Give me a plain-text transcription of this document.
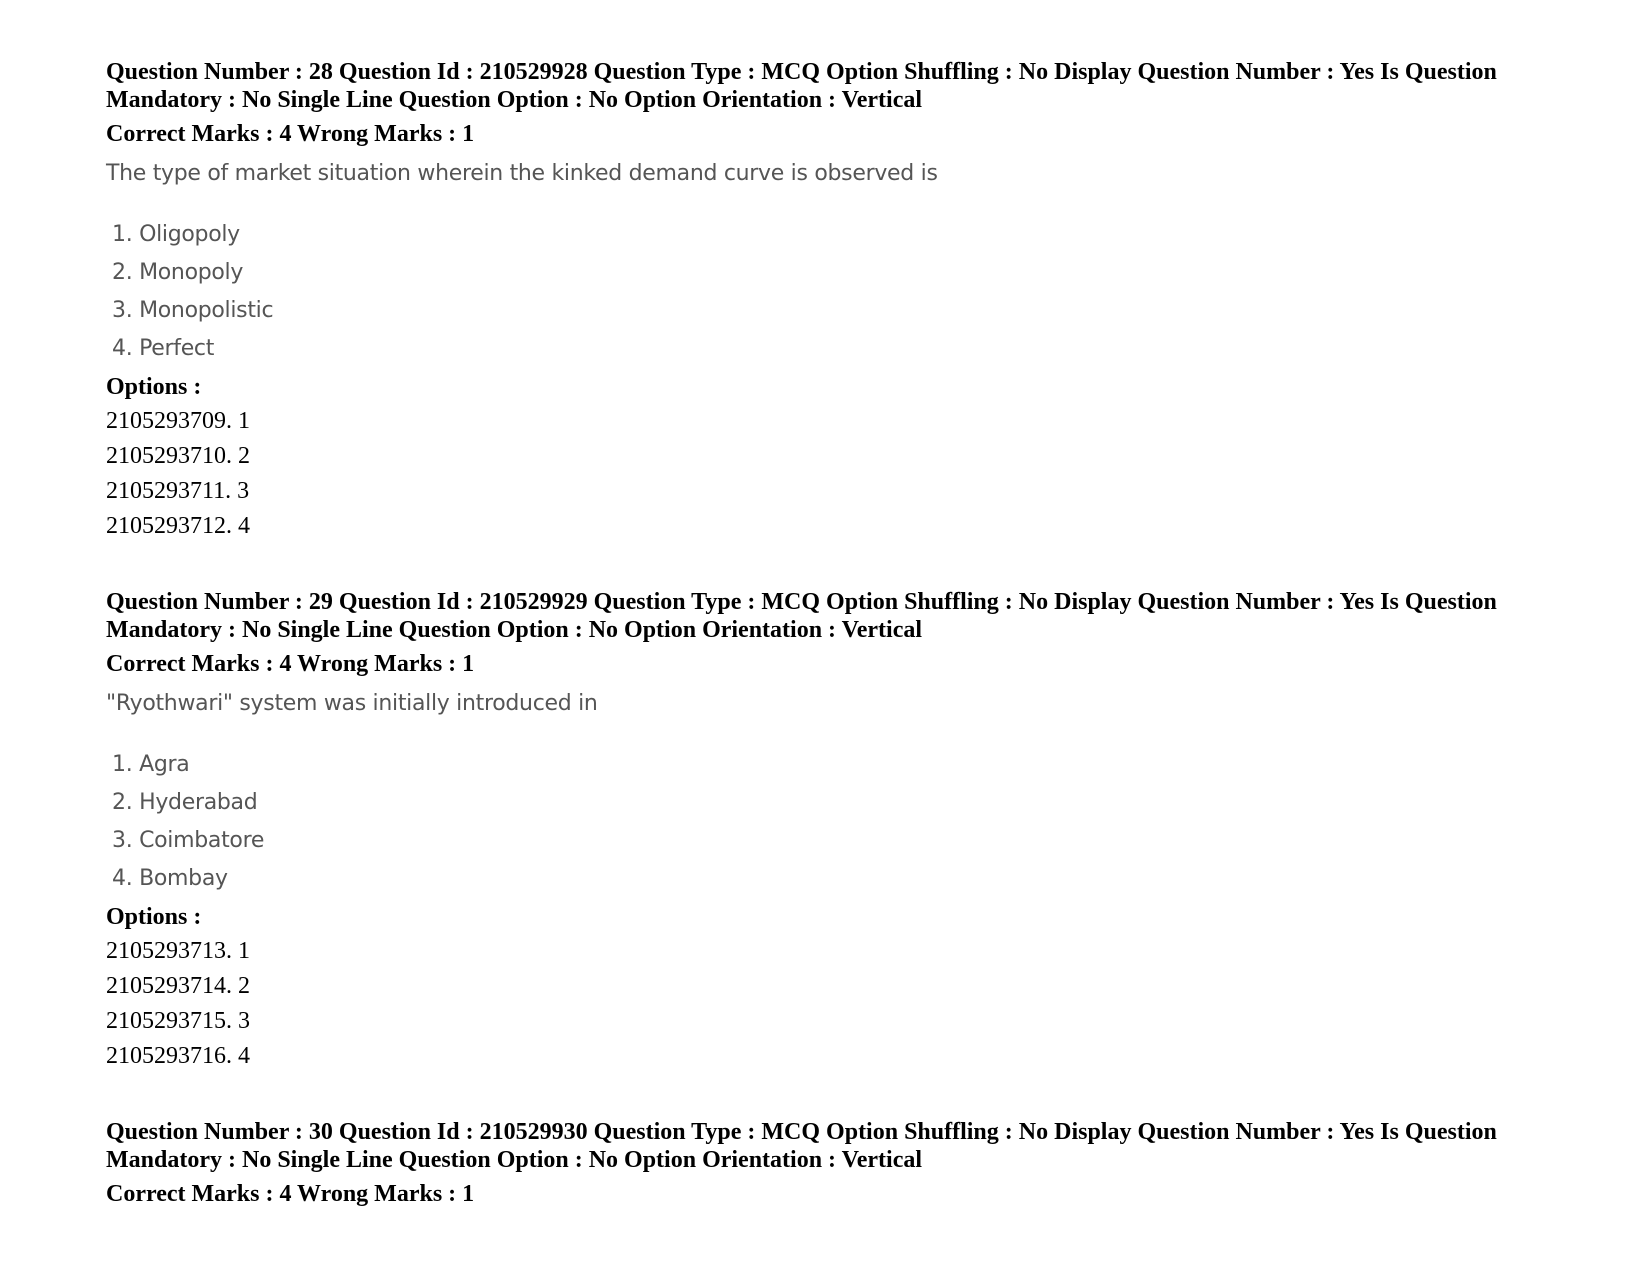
Question Number : 28 Question Id : 210529928 Question Type : MCQ Option Shuffling : No Display Question Number : Yes Is Question Mandatory : No Single Line Question Option : No Option Orientation : Vertical

Correct Marks : 4 Wrong Marks : 1
The type of market situation wherein the kinked demand curve is observed is
1. Oligopoly
2. Monopoly
3. Monopolistic
4. Perfect
Options :
2105293709. 1
2105293710. 2
2105293711. 3
2105293712. 4

Question Number : 29 Question Id : 210529929 Question Type : MCQ Option Shuffling : No Display Question Number : Yes Is Question Mandatory : No Single Line Question Option : No Option Orientation : Vertical

Correct Marks : 4 Wrong Marks : 1
"Ryothwari" system was initially introduced in
1. Agra
2. Hyderabad
3. Coimbatore
4. Bombay
Options :
2105293713. 1
2105293714. 2
2105293715. 3
2105293716. 4

Question Number : 30 Question Id : 210529930 Question Type : MCQ Option Shuffling : No Display Question Number : Yes Is Question Mandatory : No Single Line Question Option : No Option Orientation : Vertical

Correct Marks : 4 Wrong Marks : 1
